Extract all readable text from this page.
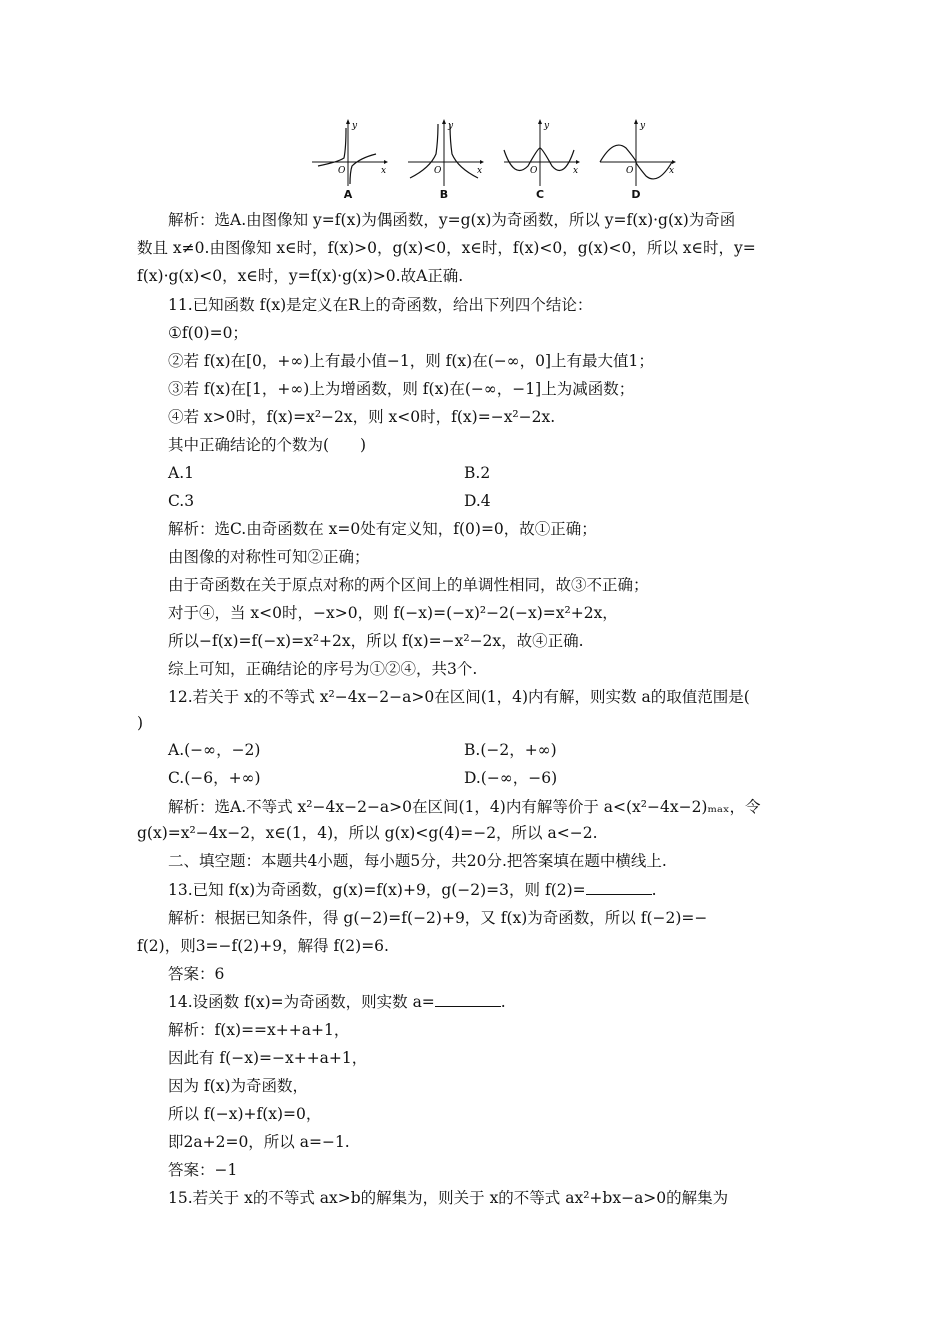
y
x
O
A
y
x
O
B
y
x
O
C
y
x
O
D
解析：选A.由图像知 y=f(x)为偶函数，y=g(x)为奇函数，所以 y=f(x)·g(x)为奇函
数且 x≠0.由图像知 x∈时，f(x)>0，g(x)<0，x∈时，f(x)<0，g(x)<0，所以 x∈时，y=
f(x)·g(x)<0，x∈时，y=f(x)·g(x)>0.故A正确.
11.已知函数 f(x)是定义在R上的奇函数，给出下列四个结论：
①f(0)=0；
②若 f(x)在[0，+∞)上有最小值−1，则 f(x)在(−∞，0]上有最大值1；
③若 f(x)在[1，+∞)上为增函数，则 f(x)在(−∞，−1]上为减函数；
④若 x>0时，f(x)=x²−2x，则 x<0时，f(x)=−x²−2x.
其中正确结论的个数为(　　)
A.1	B.2
C.3	D.4
解析：选C.由奇函数在 x=0处有定义知，f(0)=0，故①正确；
由图像的对称性可知②正确；
由于奇函数在关于原点对称的两个区间上的单调性相同，故③不正确；
对于④，当 x<0时，−x>0，则 f(−x)=(−x)²−2(−x)=x²+2x，
所以−f(x)=f(−x)=x²+2x，所以 f(x)=−x²−2x，故④正确.
综上可知，正确结论的序号为①②④，共3个.
12.若关于 x的不等式 x²−4x−2−a>0在区间(1，4)内有解，则实数 a的取值范围是(
)
A.(−∞，−2)	B.(−2，+∞)
C.(−6，+∞)	D.(−∞，−6)
解析：选A.不等式 x²−4x−2−a>0在区间(1，4)内有解等价于 a<(x²−4x−2)ₘₐₓ，令
g(x)=x²−4x−2，x∈(1，4)，所以 g(x)<g(4)=−2，所以 a<−2.
二、填空题：本题共4小题，每小题5分，共20分.把答案填在题中横线上.
13.已知 f(x)为奇函数，g(x)=f(x)+9，g(−2)=3，则 f(2)=	.
解析：根据已知条件，得 g(−2)=f(−2)+9，又 f(x)为奇函数，所以 f(−2)=−
f(2)，则3=−f(2)+9，解得 f(2)=6.
答案：6
14.设函数 f(x)=为奇函数，则实数 a=	.
解析：f(x)==x++a+1，
因此有 f(−x)=−x++a+1，
因为 f(x)为奇函数，
所以 f(−x)+f(x)=0，
即2a+2=0，所以 a=−1.
答案：−1
15.若关于 x的不等式 ax>b的解集为，则关于 x的不等式 ax²+bx−a>0的解集为
